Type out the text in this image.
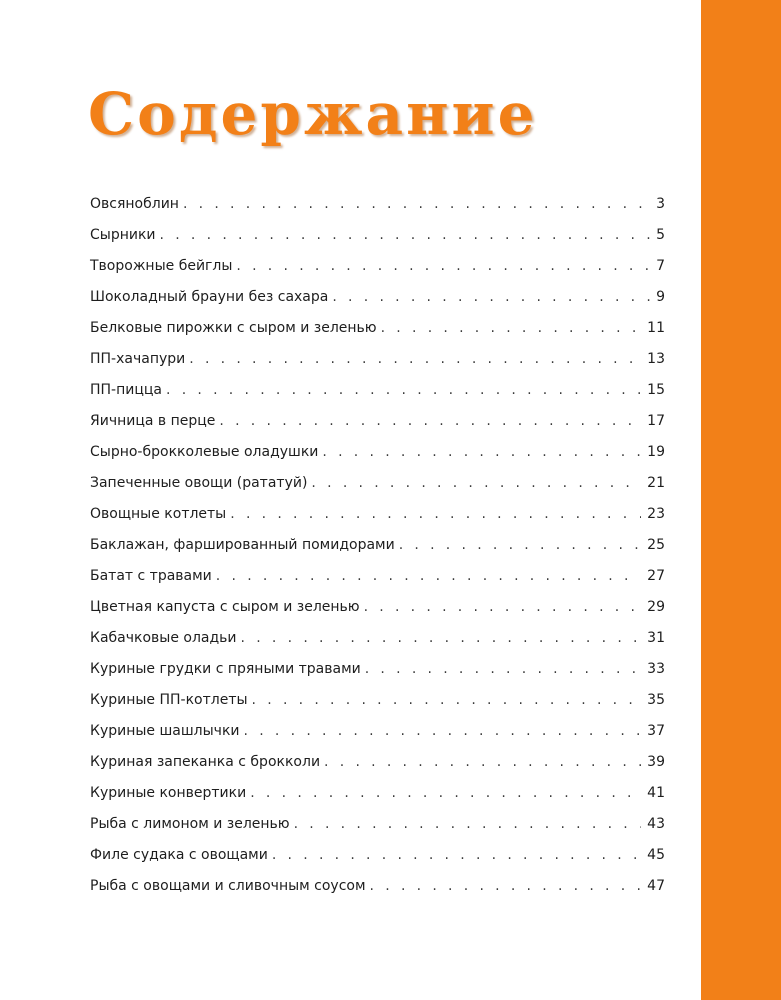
Содержание
Овсяноблин . . .	3
Сырники . . .	5
Творожные бейглы . . .	7
Шоколадный брауни без сахара . . .	9
Белковые пирожки с сыром и зеленью . . .	11
ПП-хачапури . . .	13
ПП-пицца . . .	15
Яичница в перце . . .	17
Сырно-брокколевые оладушки . . .	19
Запеченные овощи (рататуй) . . .	21
Овощные котлеты . . .	23
Баклажан, фаршированный помидорами . . .	25
Батат с травами . . .	27
Цветная капуста с сыром и зеленью . . .	29
Кабачковые оладьи . . .	31
Куриные грудки с пряными травами . . .	33
Куриные ПП-котлеты . . .	35
Куриные шашлычки . . .	37
Куриная запеканка с брокколи . . .	39
Куриные конвертики . . .	41
Рыба с лимоном и зеленью . . .	43
Филе судака с овощами . . .	45
Рыба с овощами и сливочным соусом . . .	47
